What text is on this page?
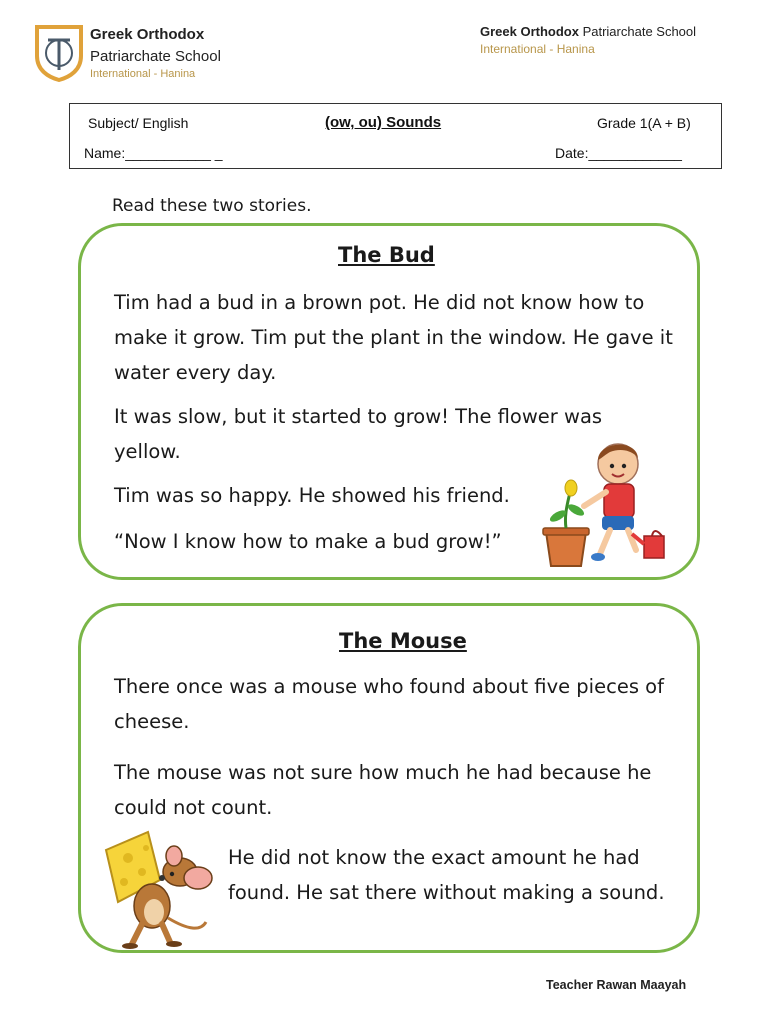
Greek Orthodox
Patriarchate School
International - Hanina
Greek Orthodox Patriarchate School
International - Hanina
Subject/ English	(ow, ou) Sounds	Grade 1(A + B)
Name:___________ _	Date:____________
Read these two stories.
The Bud
Tim had a bud in a brown pot. He did not know how to make it grow. Tim put the plant in the window. He gave it water every day.
It was slow, but it started to grow! The flower was yellow.
Tim was so happy. He showed his friend.
“Now I know how to make a bud grow!”
The Mouse
There once was a mouse who found about five pieces of cheese.
The mouse was not sure how much he had because he could not count.
He did not know the exact amount he had found. He sat there without making a sound.
Teacher Rawan Maayah
